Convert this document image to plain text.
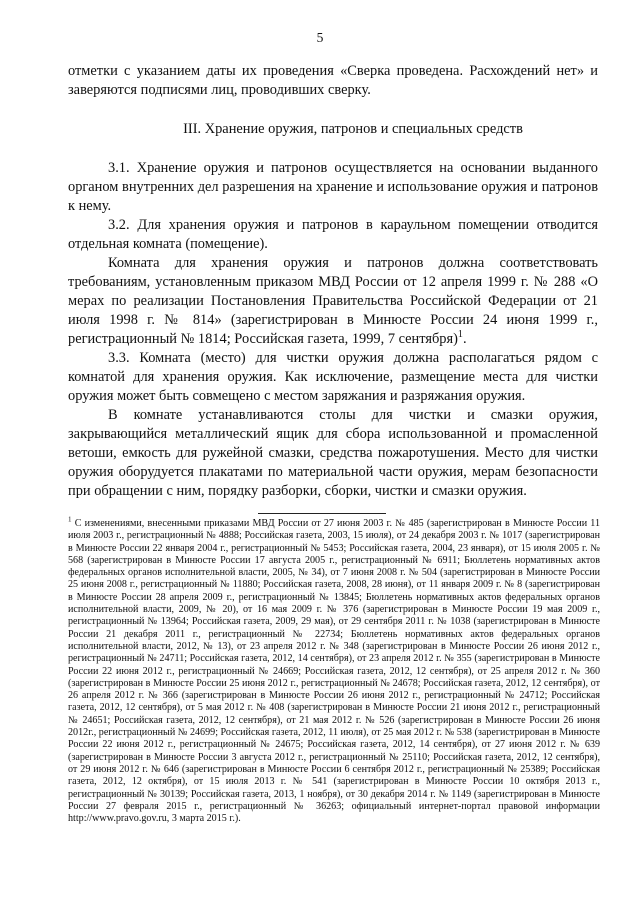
5

отметки с указанием даты их проведения «Сверка проведена. Расхождений нет» и заверяются подписями лиц, проводивших сверку.

III. Хранение оружия, патронов и специальных средств

3.1. Хранение оружия и патронов осуществляется на основании выданного органом внутренних дел разрешения на хранение и использование оружия и патронов к нему.

3.2. Для хранения оружия и патронов в караульном помещении отводится отдельная комната (помещение).

Комната для хранения оружия и патронов должна соответствовать требованиям, установленным приказом МВД России от 12 апреля 1999 г. № 288 «О мерах по реализации Постановления Правительства Российской Федерации от 21 июля 1998 г. № 814» (зарегистрирован в Минюсте России 24 июня 1999 г., регистрационный № 1814; Российская газета, 1999, 7 сентября)$^1$.

3.3. Комната (место) для чистки оружия должна располагаться рядом с комнатой для хранения оружия. Как исключение, размещение места для чистки оружия может быть совмещено с местом заряжания и разряжания оружия.

В комнате устанавливаются столы для чистки и смазки оружия, закрывающийся металлический ящик для сбора использованной и промасленной ветоши, емкость для ружейной смазки, средства пожаротушения. Место для чистки оружия оборудуется плакатами по материальной части оружия, мерам безопасности при обращении с ним, порядку разборки, сборки, чистки и смазки оружия.

$^1$ С изменениями, внесенными приказами МВД России от 27 июня 2003 г. № 485 (зарегистрирован в Минюсте России 11 июля 2003 г., регистрационный № 4888; Российская газета, 2003, 15 июля), от 24 декабря 2003 г. № 1017 (зарегистрирован в Минюсте России 22 января 2004 г., регистрационный № 5453; Российская газета, 2004, 23 января), от 15 июля 2005 г. № 568 (зарегистрирован в Минюсте России 17 августа 2005 г., регистрационный № 6911; Бюллетень нормативных актов федеральных органов исполнительной власти, 2005, № 34), от 7 июня 2008 г. № 504 (зарегистрирован в Минюсте России 25 июня 2008 г., регистрационный № 11880; Российская газета, 2008, 28 июня), от 11 января 2009 г. № 8 (зарегистрирован в Минюсте России 28 апреля 2009 г., регистрационный № 13845; Бюллетень нормативных актов федеральных органов исполнительной власти, 2009, № 20), от 16 мая 2009 г. № 376 (зарегистрирован в Минюсте России 19 мая 2009 г., регистрационный № 13964; Российская газета, 2009, 29 мая), от 29 сентября 2011 г. № 1038 (зарегистрирован в Минюсте России 21 декабря 2011 г., регистрационный № 22734; Бюллетень нормативных актов федеральных органов исполнительной власти, 2012, № 13), от 23 апреля 2012 г. № 348 (зарегистрирован в Минюсте России 26 июня 2012 г., регистрационный № 24711; Российская газета, 2012, 14 сентября), от 23 апреля 2012 г. № 355 (зарегистрирован в Минюсте России 22 июня 2012 г., регистрационный № 24669; Российская газета, 2012, 12 сентября), от 25 апреля 2012 г. № 360 (зарегистрирован в Минюсте России 25 июня 2012 г., регистрационный № 24678; Российская газета, 2012, 12 сентября), от 26 апреля 2012 г. № 366 (зарегистрирован в Минюсте России 26 июня 2012 г., регистрационный № 24712; Российская газета, 2012, 12 сентября), от 5 мая 2012 г. № 408 (зарегистрирован в Минюсте России 21 июня 2012 г., регистрационный № 24651; Российская газета, 2012, 12 сентября), от 21 мая 2012 г. № 526 (зарегистрирован в Минюсте России 26 июня 2012г., регистрационный № 24699; Российская газета, 2012, 11 июля), от 25 мая 2012 г. № 538 (зарегистрирован в Минюсте России 22 июня 2012 г., регистрационный № 24675; Российская газета, 2012, 14 сентября), от 27 июня 2012 г. № 639 (зарегистрирован в Минюсте России 3 августа 2012 г., регистрационный № 25110; Российская газета, 2012, 12 сентября), от 29 июня 2012 г. № 646 (зарегистрирован в Минюсте России 6 сентября 2012 г., регистрационный № 25389; Российская газета, 2012, 12 октября), от 15 июля 2013 г. № 541 (зарегистрирован в Минюсте России 10 октября 2013 г., регистрационный № 30139; Российская газета, 2013, 1 ноября), от 30 декабря 2014 г. № 1149 (зарегистрирован в Минюсте России 27 февраля 2015 г., регистрационный № 36263; официальный интернет-портал правовой информации http://www.pravo.gov.ru, 3 марта 2015 г.).
